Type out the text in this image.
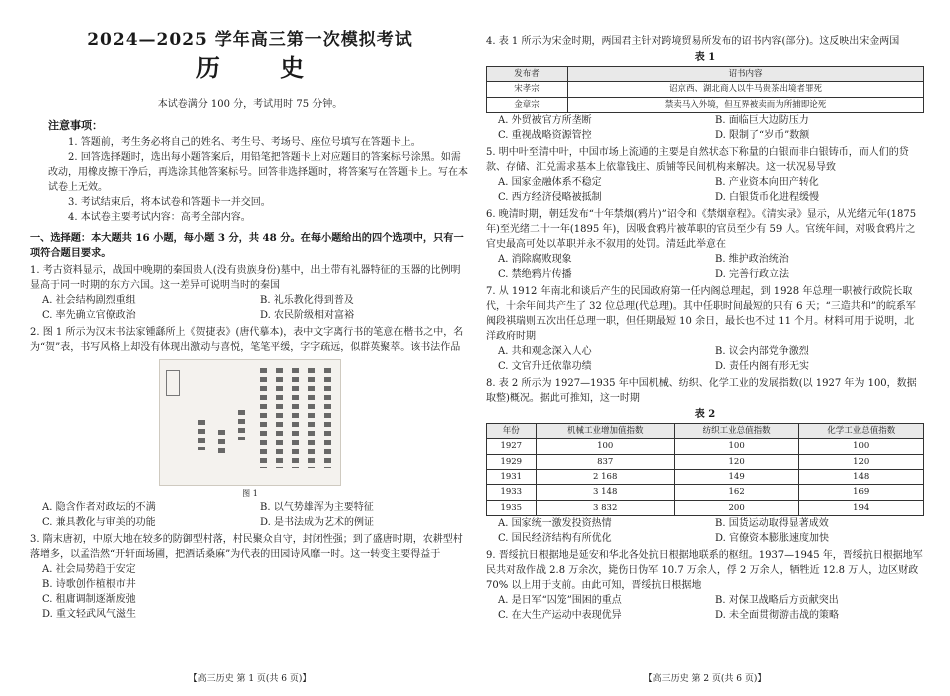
2024—2025 学年高三第一次模拟考试
历 史
本试卷满分 100 分，考试用时 75 分钟。
注意事项：

1. 答题前，考生务必将自己的姓名、考生号、考场号、座位号填写在答题卡上。

2. 回答选择题时，选出每小题答案后，用铅笔把答题卡上对应题目的答案标号涂黑。如需改动，用橡皮擦干净后，再选涂其他答案标号。回答非选择题时，将答案写在答题卡上。写在本试卷上无效。

3. 考试结束后，将本试卷和答题卡一并交回。

4. 本试卷主要考试内容：高考全部内容。

一、选择题：本大题共 16 小题，每小题 3 分，共 48 分。在每小题给出的四个选项中，只有一项符合题目要求。

1. 考古资料显示，战国中晚期的秦国贵人(没有贵族身份)墓中，出土带有礼器特征的玉器的比例明显高于同一时期的东方六国。这一差异可说明当时的秦国

A. 社会结构剧烈重组	B. 礼乐教化得到普及
C. 率先确立官僚政治	D. 农民阶级相对富裕

2. 图 1 所示为汉末书法家锺繇所上《贺捷表》(唐代摹本)，表中文字离行书的笔意在楷书之中，名为“贺”表，书写风格上却没有体现出激动与喜悦，笔笔平缓，字字疏远，似群英聚萃。该书法作品

图 1
A. 隐含作者对政坛的不满	B. 以气势雄浑为主要特征
C. 兼具教化与审美的功能	D. 是书法成为艺术的例证

3. 隋末唐初，中原大地在较多的防御型村落，村民聚众自守，封闭性强；到了盛唐时期，农耕型村落增多，以孟浩然“开轩面场圃，把酒话桑麻”为代表的田园诗风靡一时。这一转变主要得益于

A. 社会局势趋于安定
B. 诗歌创作植根市井
C. 租庸调制逐渐废弛
D. 重文轻武风气滋生
【高三历史 第 1 页(共 6 页)】

4. 表 1 所示为宋金时期，两国君主针对跨境贸易所发布的诏书内容(部分)。这反映出宋金两国

表 1
发布者	诏书内容
宋孝宗	诏京西、湖北商人以牛马贵茶出境者罪死
金章宗	禁卖马入外境，但互界被卖而为所捕即论死
A. 外贸被官方所垄断	B. 面临巨大边防压力
C. 重视战略资源管控	D. 限制了“岁币”数额

5. 明中叶至清中叶，中国市场上流通的主要是自然状态下称量的白银而非白银铸币，而人们的贷款、存储、汇兑需求基本上依靠钱庄、质铺等民间机构来解决。这一状况易导致

A. 国家金融体系不稳定	B. 产业资本向田产转化
C. 西方经济侵略被抵制	D. 白银货币化进程缓慢

6. 晚清时期，朝廷发布“十年禁烟(鸦片)”诏令和《禁烟章程》。《清实录》显示，从光绪元年(1875年)至光绪二十一年(1895 年)，因吸食鸦片被革职的官员至少有 59 人。官统年间，对吸食鸦片之官史最高可处以革职并永不叙用的处罚。清廷此举意在

A. 消除腐败现象	B. 维护政治统治
C. 禁绝鸦片传播	D. 完善行政立法

7. 从 1912 年南北和谈后产生的民国政府第一任内阁总理起，到 1928 年总理一职被行政院长取代，十余年间共产生了 32 位总理(代总理)。其中任职时间最短的只有 6 天；“三造共和”的皖系军阀段祺瑞则五次出任总理一职，但任期最短 10 余日，最长也不过 11 个月。材料可用于说明，北洋政府时期

A. 共和观念深入人心	B. 议会内部党争激烈
C. 文官升迁依靠功绩	D. 责任内阁有形无实

8. 表 2 所示为 1927—1935 年中国机械、纺织、化学工业的发展指数(以 1927 年为 100，数据取整)概况。据此可推知，这一时期

表 2
年份	机械工业增加值指数	纺织工业总值指数	化学工业总值指数
1927	100	100	100
1929	837	120	120
1931	2 168	149	148
1933	3 148	162	169
1935	3 832	200	194
A. 国家统一激发投资热情	B. 国货运动取得显著成效
C. 国民经济结构有所优化	D. 官僚资本膨胀速度加快

9. 晋绥抗日根据地是延安和华北各处抗日根据地联系的枢纽。1937—1945 年，晋绥抗日根据地军民共对敌作战 2.8 万余次，毙伤日伪军 10.7 万余人，俘 2 万余人，牺牲近 12.8 万人，边区财政 70% 以上用于支前。由此可知，晋绥抗日根据地

A. 是日军“囚笼”围困的重点	B. 对保卫战略后方贡献突出
C. 在大生产运动中表现优异	D. 未全面贯彻游击战的策略
【高三历史 第 2 页(共 6 页)】
